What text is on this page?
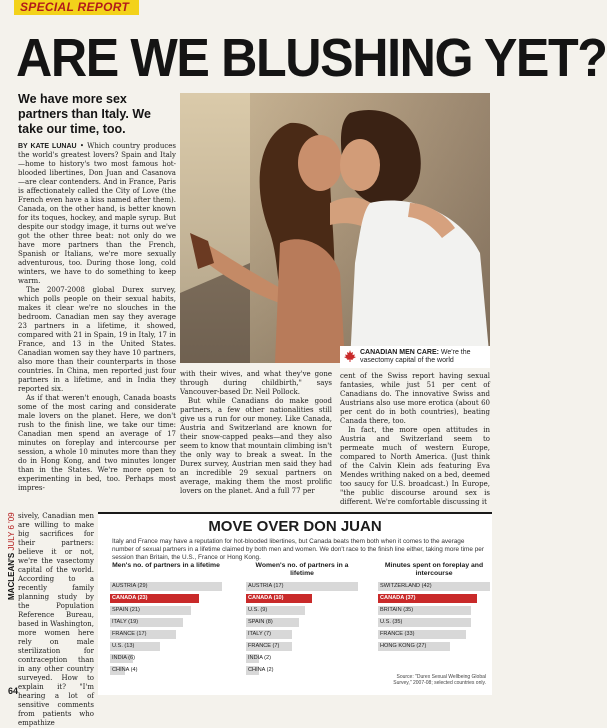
SPECIAL REPORT
ARE WE BLUSHING YET?
We have more sex partners than Italy. We take our time, too.
CANADIAN MEN CARE: We're the vasectomy capital of the world

BY KATE LUNAU • Which country produces the world's greatest lovers? Spain and Italy—home to history's two most famous hot-blooded libertines, Don Juan and Casanova—are clear contenders. And in France, Paris is affectionately called the City of Love (the French even have a kiss named after them). Canada, on the other hand, is better known for its toques, hockey, and maple syrup. But despite our stodgy image, it turns out we've got the other three beat: not only do we have more partners than the French, Spanish or Italians, we're more sexually adventurous, too. During those long, cold winters, we have to do something to keep warm.

The 2007-2008 global Durex survey, which polls people on their sexual habits, makes it clear we're no slouches in the bedroom. Canadian men say they average 23 partners in a lifetime, it showed, compared with 21 in Spain, 19 in Italy, 17 in France, and 13 in the United States. Canadian women say they have 10 partners, also more than their counterparts in those countries. In China, men reported just four partners in a lifetime, and in India they reported six.

As if that weren't enough, Canada boasts some of the most caring and considerate male lovers on the planet. Here, we don't rush to the finish line, we take our time: Canadian men spend an average of 17 minutes on foreplay and intercourse per session, a whole 10 minutes more than they do in Hong Kong, and two minutes longer than in the States. We're more open to experimenting in bed, too. Perhaps most impres-

sively, Canadian men are willing to make big sacrifices for their partners: believe it or not, we're the vasectomy capital of the world. According to a recently family planning study by the Population Reference Bureau, based in Washington, more women here rely on male sterilization for contraception than in any other country surveyed. How to explain it? "I'm hearing a lot of sensitive comments from patients who empathize

with their wives, and what they've gone through during childbirth," says Vancouver-based Dr. Neil Pollock.

But while Canadians do make good partners, a few other nationalities still give us a run for our money. Like Canada, Austria and Switzerland are known for their snow-capped peaks—and they also seem to know that mountain climbing isn't the only way to break a sweat. In the Durex survey, Austrian men said they had an incredible 29 sexual partners on average, making them the most prolific lovers on the planet. And a full 77 per

cent of the Swiss report having sexual fantasies, while just 51 per cent of Canadians do. The innovative Swiss and Austrians also use more erotica (about 60 per cent do in both countries), beating Canada there, too.

In fact, the more open attitudes in Austria and Switzerland seem to permeate much of western Europe, compared to North America. (Just think of the Calvin Klein ads featuring Eva Mendes writhing naked on a bed, deemed too saucy for U.S. broadcast.) In Europe, "the public discourse around sex is different. We're comfortable discussing it

MACLEAN'S JULY 6 '09
64
MOVE OVER DON JUAN
Italy and France may have a reputation for hot-blooded libertines, but Canada beats them both when it comes to the average number of sexual partners in a lifetime claimed by both men and women. We don't race to the finish line either, taking more time per session than Britain, the U.S., France or Hong Kong.
Men's no. of partners in a lifetime
AUSTRIA (29)
CANADA (23)
SPAIN (21)
ITALY (19)
FRANCE (17)
U.S. (13)
INDIA (6)
CHINA (4)
Women's no. of partners in a lifetime
AUSTRIA (17)
CANADA (10)
U.S. (9)
SPAIN (8)
ITALY (7)
FRANCE (7)
INDIA (2)
CHINA (2)
Minutes spent on foreplay and intercourse
SWITZERLAND (42)
CANADA (37)
BRITAIN (35)
U.S. (35)
FRANCE (33)
HONG KONG (27)
Source: "Durex Sexual Wellbeing Global Survey," 2007-08; selected countries only.
